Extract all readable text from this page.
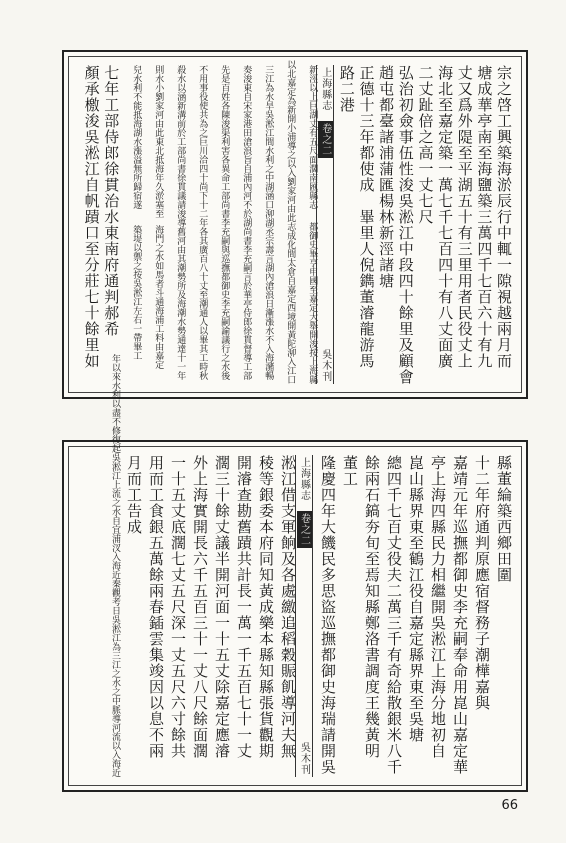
宗之啓工興築海淤辰行中輒一隙視越兩月而
塘成華亭南至海鹽築三萬四千七百六十有九
丈又爲外隄至平湖五十有三里用者民役丈上
海北至嘉定築一萬七千七百四十有八丈面廣
二丈趾倍之高一丈七尺
弘治初僉事伍性浚吳淞江中段四十餘里及顧會
趙屯都臺諸浦蒲匯楊林新涇諸塘
正德十三年都使成　畢里人倪鐫董濬龍游馬
路二港
上海縣志
卷之二
吳木刊
都御史畢亨申國至嘉定大舉開浚按上海縣
新涇以上巨湖丈有五尺面濶南匯縣志
志成化間太倉自嘉定西境開黃陀泖入江口
以北嘉定為新開小浦導之以入劉家河由此
丞宗壽言湖內滄浪日漸漲水不入海瀦暢
三江為水旱吳淞江間水利之中湖涵口泖湖
尚書李充嗣言於華亭侍郎徐貫督導工部
奏浚東自宋家港田滄浪旨自浦內河不於湖
充嗣與巡撫都御史李充嗣諭議行之水後
先是百姓各陳浚渠利害各異命工部尚書李
各其廣百八十丈至潮通人以畢其工時秋
不用事役使共為之巨川洽四十尚下十二年
舊河由其潮勢所及海潮水勢通達十一年
殺水以涵新溝前於工部尚書徐貫議請浚導
海門之水如馬者斗通海浦工料由嘉定
則水小劉家河由此東北抵海年久淤塞至
築堤以禦之按吳淞江左右一帶畢工
兒水利不能抵海湖水漲溢無所歸宿遂
七年工部侍郎徐貫治水東南府通判郝希
顏承檄浚吳淞江自帆蹟口至分莊七十餘里如
縣董綸築西鄉田圍
十二年府通判原應宿督務子潮樺嘉與
嘉靖元年巡撫都御史李充嗣奉命用崑山嘉定華
亭上海四縣民力相繼開吳淞江上海分地初自
崑山縣界東至鶴江役自嘉定縣界東至吳塘
總四千七百丈役夫二萬三千有奇給散銀米八千
餘兩石鎬夯旬至焉知縣鄭洛書調度王幾黃明
董工
隆慶四年大饑民多思盜巡撫都御史海瑞請開吳
上海縣志
卷之二
吳木刊
淞江借支軍餉及各處繳追稻穀賑飢導河夫無
稜等銀委本府同知黃成樂本縣知縣張貨觀期
開濬查勘舊蹟共計長一萬一千五百七十一丈
濶三十餘丈議半開河面一十五丈除嘉定應濬
外上海實開長六千五百三十一丈八尺餘面濶
一十五丈底濶七丈五尺深一丈五尺六寸餘共
用而工食銀五萬餘兩春鍤雲集竣因以息不兩
月而工告成
秦觀考日吳淞江為三江之水之中脈導河流以入海近
年以來水利以盡不修復起吳淞江上流之水自宜浦汊入海近
66
